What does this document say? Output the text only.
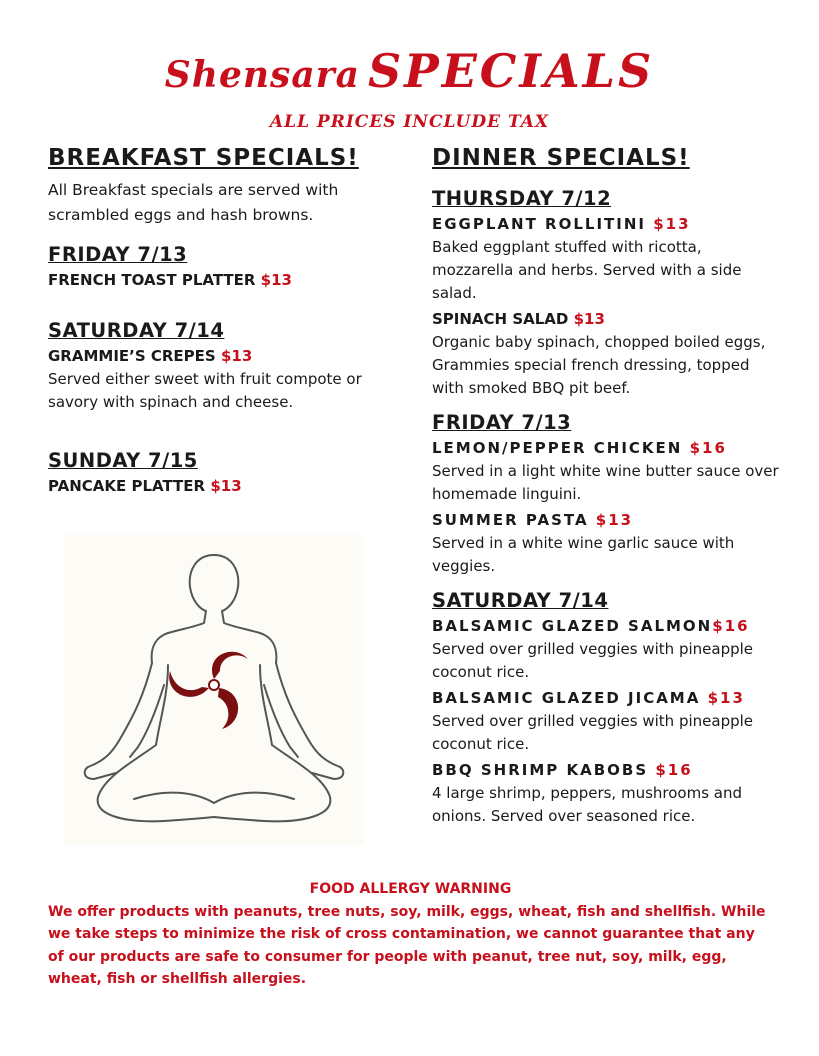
Shensara SPECIALS
ALL PRICES INCLUDE TAX
BREAKFAST SPECIALS!
All Breakfast specials are served with scrambled eggs and hash browns.
FRIDAY 7/13
FRENCH TOAST PLATTER $13
SATURDAY 7/14
GRAMMIE’S CREPES $13
Served either sweet with fruit compote or savory with spinach and cheese.
SUNDAY 7/15
PANCAKE PLATTER $13
DINNER SPECIALS!
THURSDAY 7/12
EGGPLANT ROLLITINI $13
Baked eggplant stuffed with ricotta, mozzarella and herbs. Served with a side salad.
SPINACH SALAD $13
Organic baby spinach, chopped boiled eggs, Grammies special french dressing, topped with smoked BBQ pit beef.
FRIDAY 7/13
LEMON/PEPPER CHICKEN $16
Served in a light white wine butter sauce over homemade linguini.
SUMMER PASTA $13
Served in a white wine garlic sauce with veggies.
SATURDAY 7/14
BALSAMIC GLAZED SALMON$16
Served over grilled veggies with pineapple coconut rice.
BALSAMIC GLAZED JICAMA $13
Served over grilled veggies with pineapple coconut rice.
BBQ SHRIMP KABOBS $16
4 large shrimp, peppers, mushrooms and onions. Served over seasoned rice.
FOOD ALLERGY WARNING
We offer products with peanuts, tree nuts, soy, milk, eggs, wheat, fish and shellfish. While we take steps to minimize the risk of cross contamination, we cannot guarantee that any of our products are safe to consumer for people with peanut, tree nut, soy, milk, egg, wheat, fish or shellfish allergies.
